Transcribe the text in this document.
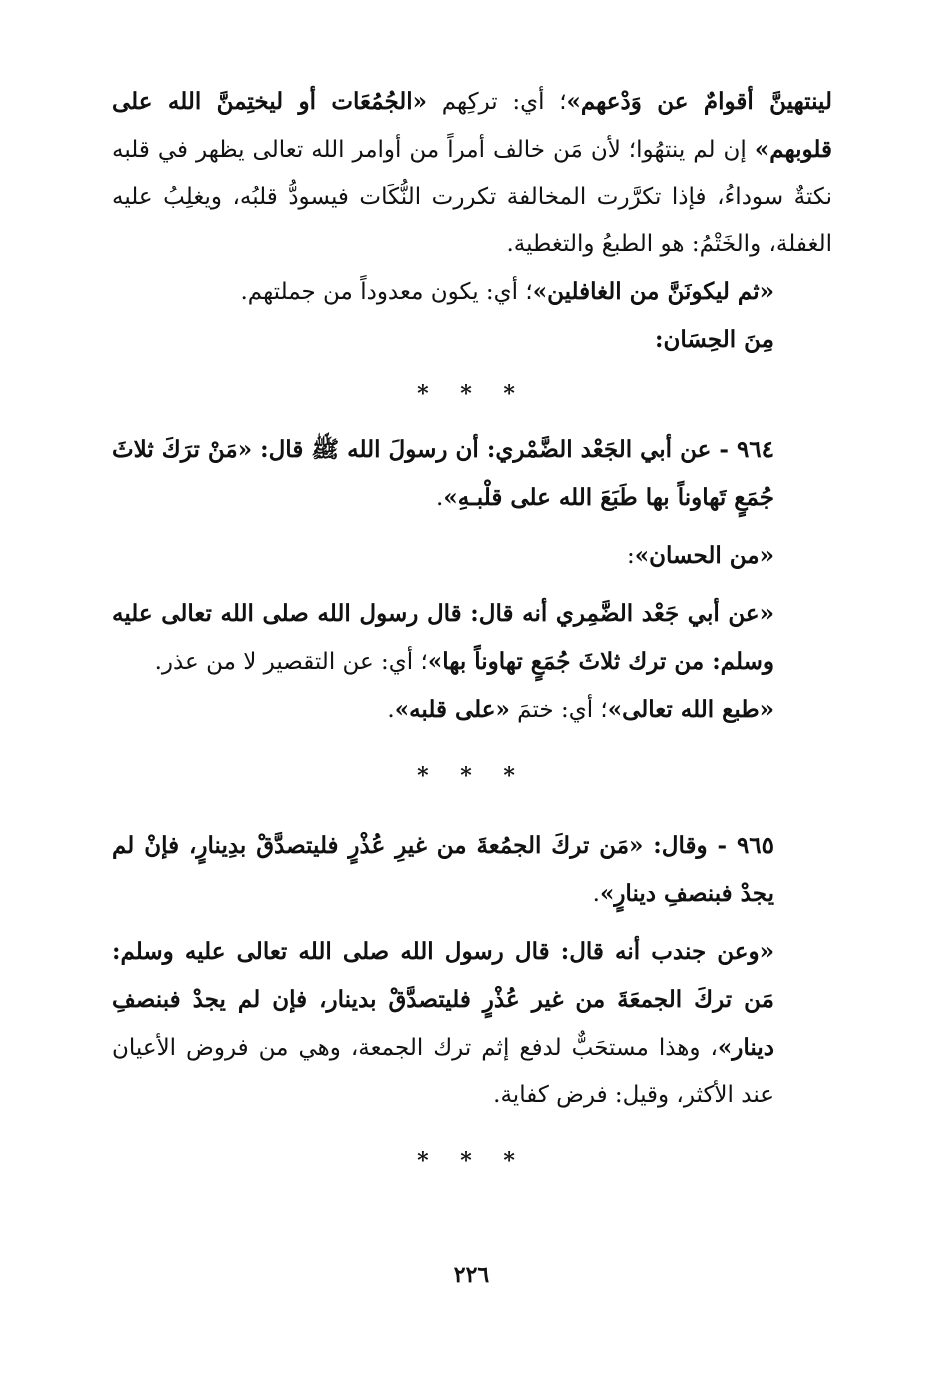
لينتهينَّ أقوامٌ عن وَدْعهم»؛ أي: تركِهم «الجُمُعَات أو ليختِمنَّ الله على قلوبهم» إن لم ينتهُوا؛ لأن مَن خالف أمراً من أوامر الله تعالى يظهر في قلبه نكتةٌ سوداءُ، فإذا تكرَّرت المخالفة تكررت النُّكَات فيسودُّ قلبُه، ويغلِبُ عليه الغفلة، والخَتْمُ: هو الطبعُ والتغطية.

«ثم ليكونَنَّ من الغافلين»؛ أي: يكون معدوداً من جملتهم.

مِنَ الحِسَان:

* * *

٩٦٤ - عن أبي الجَعْد الضَّمْري: أن رسولَ الله ﷺ قال: «مَنْ ترَكَ ثلاثَ جُمَعٍ تَهاوناً بها طَبَعَ الله على قلْبـهِ».

«من الحسان»:

«عن أبي جَعْد الضَّمِري أنه قال: قال رسول الله صلى الله تعالى عليه وسلم: من ترك ثلاثَ جُمَعٍ تهاوناً بها»؛ أي: عن التقصير لا من عذر.

«طبع الله تعالى»؛ أي: ختمَ «على قلبه».

* * *

٩٦٥ - وقال: «مَن تركَ الجمُعةَ من غيرِ عُذْرٍ فليتصدَّقْ بدِينارٍ، فإنْ لم يجدْ فبنصفِ دينارٍ».

«وعن جندب أنه قال: قال رسول الله صلى الله تعالى عليه وسلم: مَن تركَ الجمعَةَ من غير عُذْرٍ فليتصدَّقْ بدينار، فإن لم يجدْ فبنصفِ دينار»، وهذا مستحَبٌّ لدفع إثم ترك الجمعة، وهي من فروض الأعيان عند الأكثر، وقيل: فرض كفاية.

* * *
٢٢٦
